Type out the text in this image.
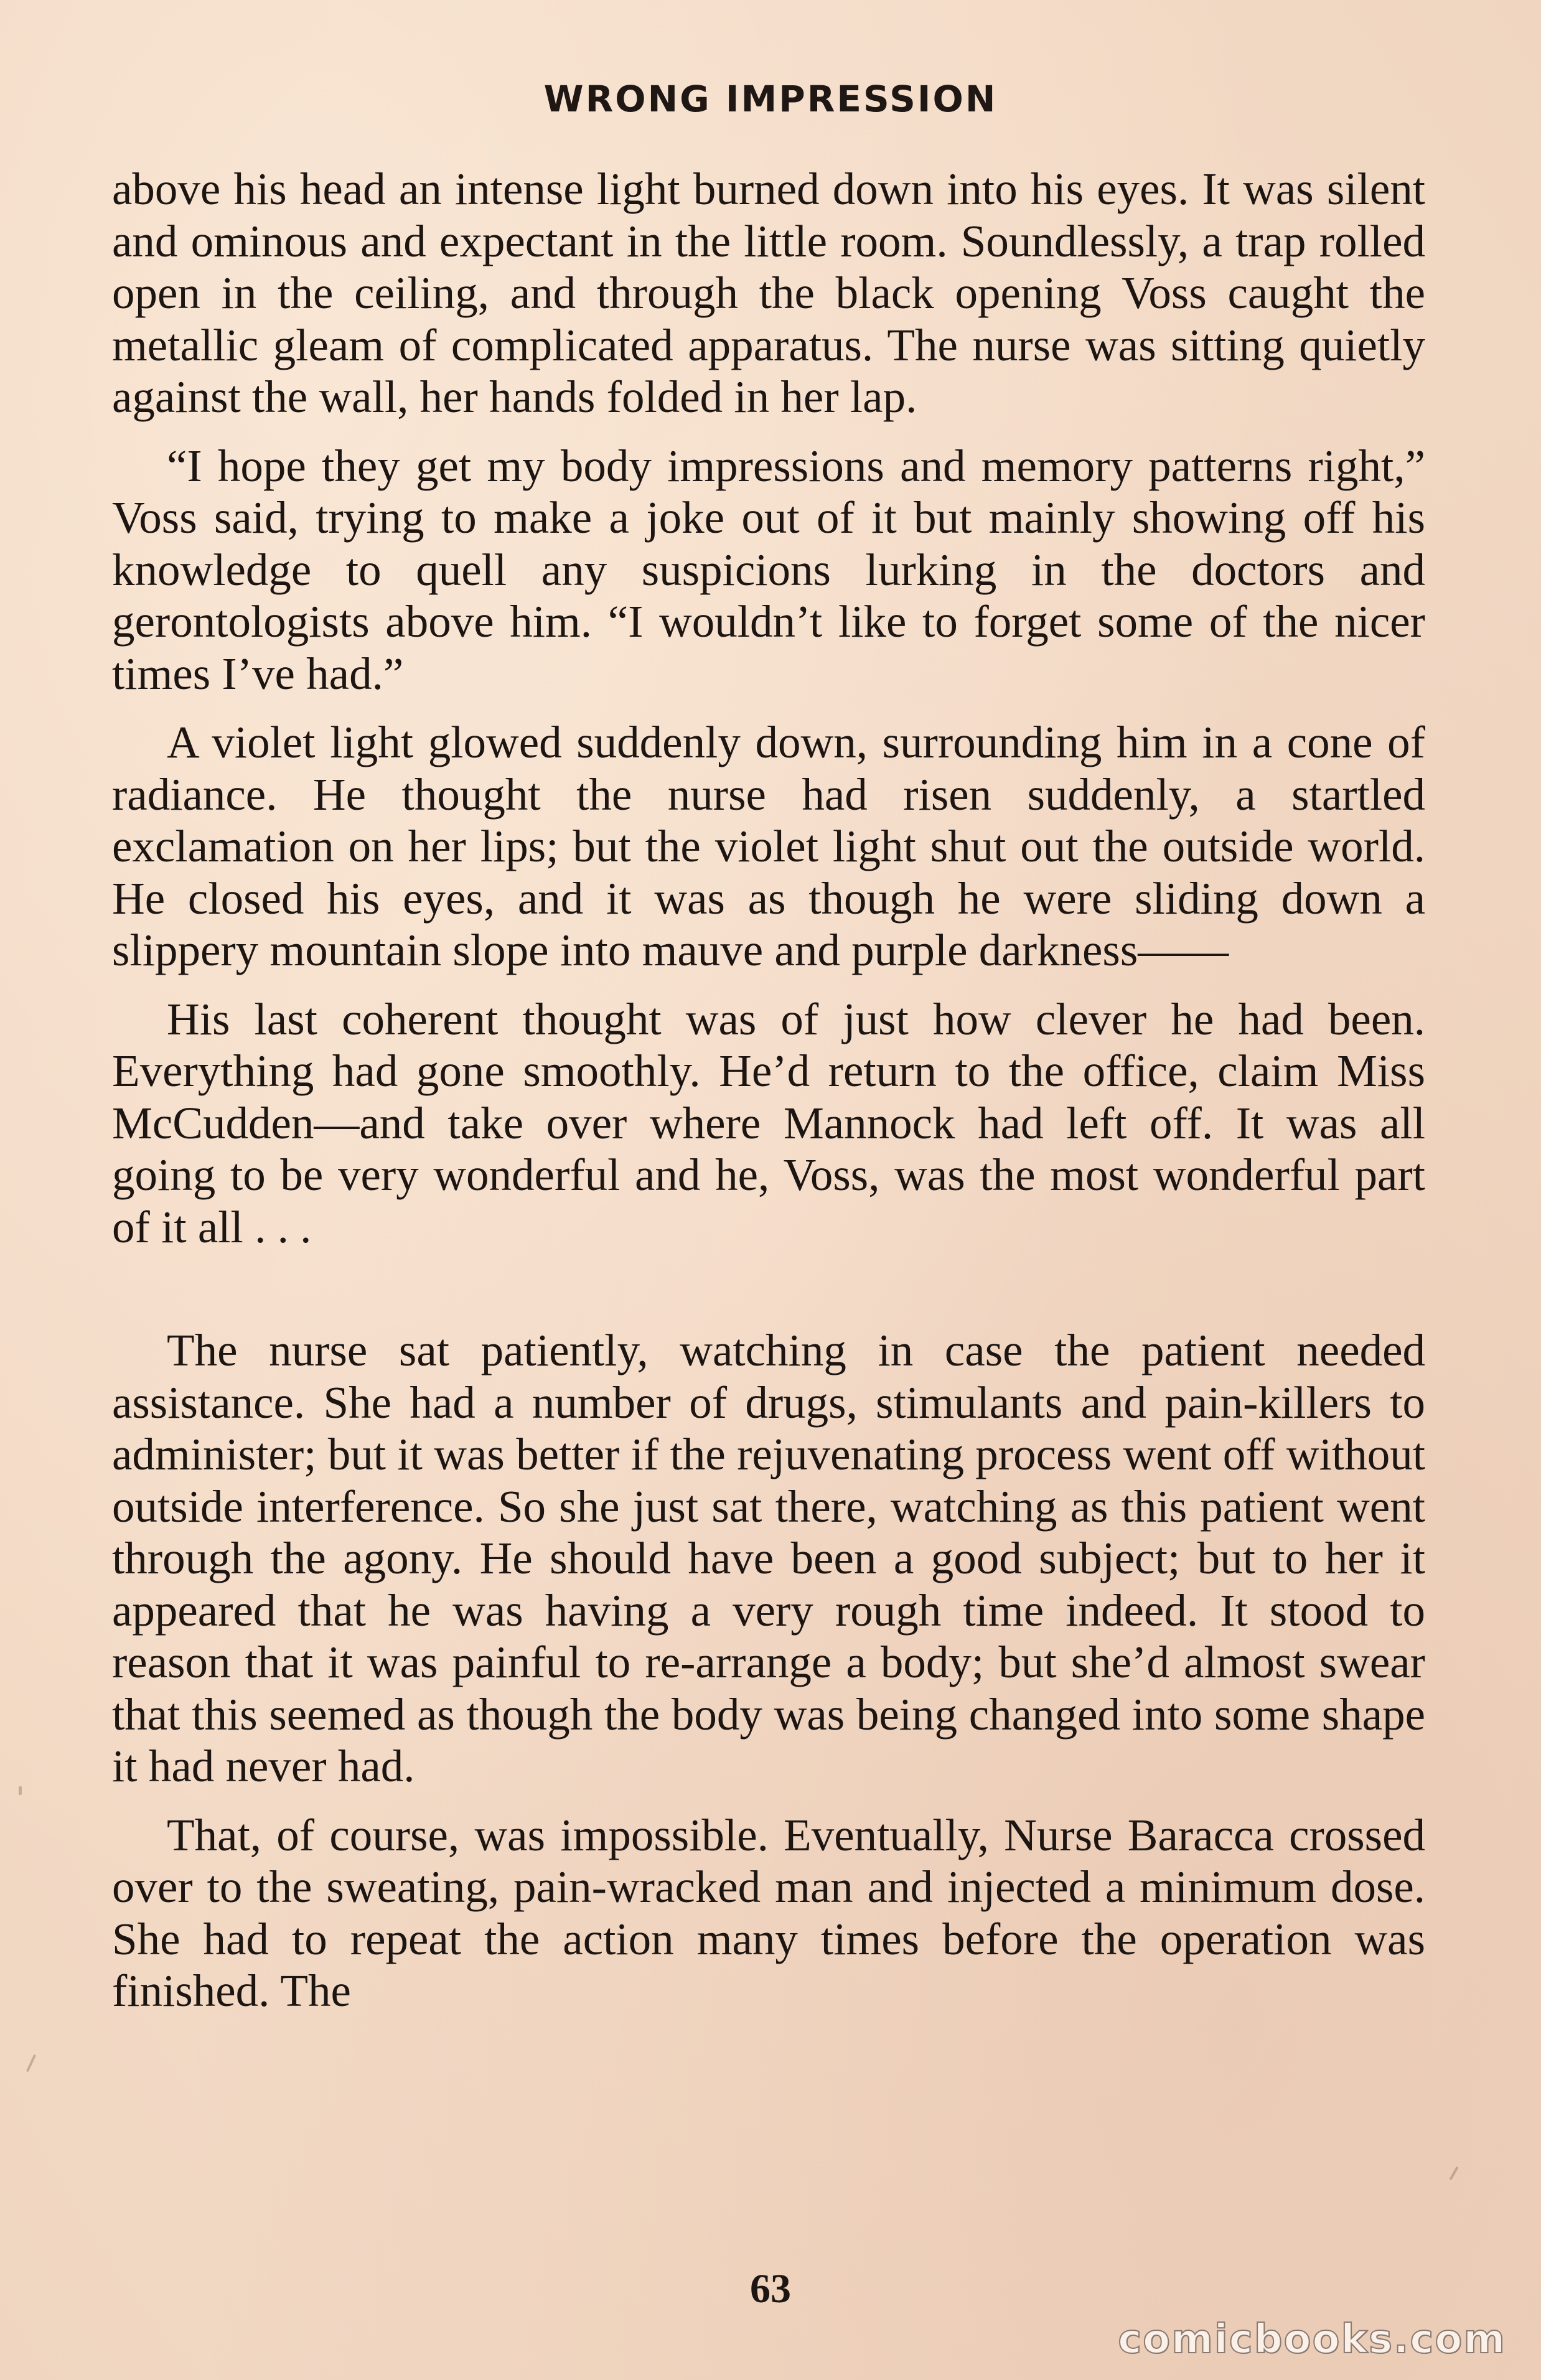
WRONG IMPRESSION

above his head an intense light burned down into his eyes. It was silent and ominous and expectant in the little room. Soundlessly, a trap rolled open in the ceiling, and through the black opening Voss caught the metallic gleam of complicated apparatus. The nurse was sitting quietly against the wall, her hands folded in her lap.

“I hope they get my body impressions and memory patterns right,” Voss said, trying to make a joke out of it but mainly showing off his knowledge to quell any suspicions lurking in the doctors and gerontologists above him. “I wouldn’t like to forget some of the nicer times I’ve had.”

A violet light glowed suddenly down, surrounding him in a cone of radiance. He thought the nurse had risen suddenly, a startled exclamation on her lips; but the violet light shut out the outside world. He closed his eyes, and it was as though he were sliding down a slippery mountain slope into mauve and purple darkness——

His last coherent thought was of just how clever he had been. Everything had gone smoothly. He’d return to the office, claim Miss McCudden—and take over where Mannock had left off. It was all going to be very wonderful and he, Voss, was the most wonderful part of it all . . .

The nurse sat patiently, watching in case the patient needed assistance. She had a number of drugs, stimulants and pain-killers to administer; but it was better if the rejuvenating process went off without outside interference. So she just sat there, watching as this patient went through the agony. He should have been a good subject; but to her it appeared that he was having a very rough time indeed. It stood to reason that it was painful to re-arrange a body; but she’d almost swear that this seemed as though the body was being changed into some shape it had never had.

That, of course, was impossible. Eventually, Nurse Baracca crossed over to the sweating, pain-wracked man and injected a minimum dose. She had to repeat the action many times before the operation was finished. The

63
comicbooks.com
